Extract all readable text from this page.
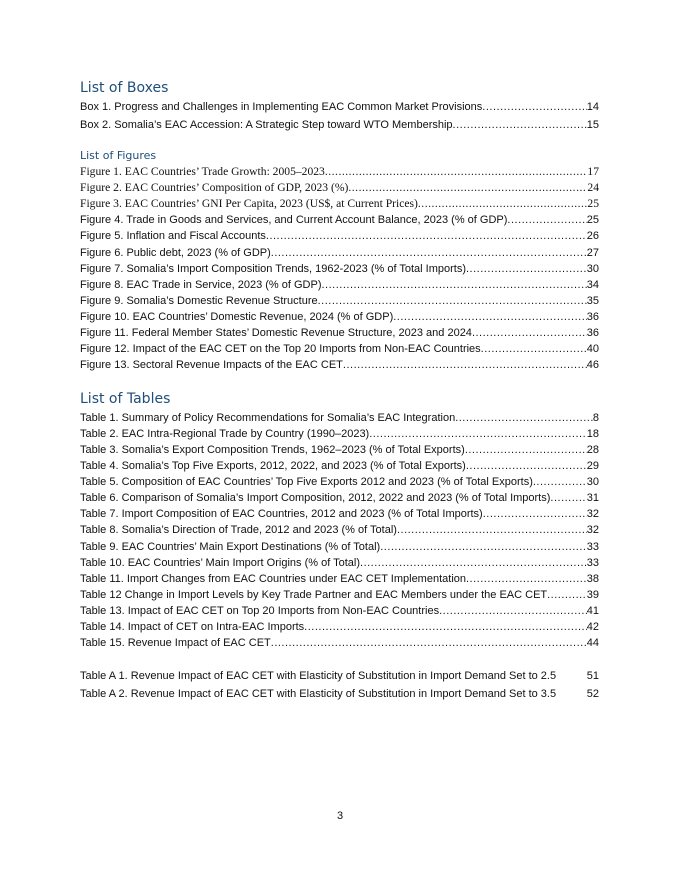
List of Boxes
Box 1. Progress and Challenges in Implementing EAC Common Market Provisions .....	14
Box 2. Somalia’s EAC Accession: A Strategic Step toward WTO Membership .....	15
List of Figures
Figure 1. EAC Countries’ Trade Growth: 2005–2023 .....	17
Figure 2. EAC Countries’ Composition of GDP, 2023 (%) .....	24
Figure 3. EAC Countries’ GNI Per Capita, 2023 (US$, at Current Prices) .....	25
Figure 4. Trade in Goods and Services, and Current Account Balance, 2023 (% of GDP) .....	25
Figure 5. Inflation and Fiscal Accounts .....	26
Figure 6. Public debt, 2023 (% of GDP) .....	27
Figure 7. Somalia’s Import Composition Trends, 1962-2023 (% of Total Imports) .....	30
Figure 8. EAC Trade in Service, 2023 (% of GDP) .....	34
Figure 9. Somalia’s Domestic Revenue Structure .....	35
Figure 10. EAC Countries’ Domestic Revenue, 2024 (% of GDP) .....	36
Figure 11. Federal Member States’ Domestic Revenue Structure, 2023 and 2024 .....	36
Figure 12. Impact of the EAC CET on the Top 20 Imports from Non-EAC Countries .....	40
Figure 13. Sectoral Revenue Impacts of the EAC CET .....	46
List of Tables
Table 1. Summary of Policy Recommendations for Somalia’s EAC Integration .....	8
Table 2. EAC Intra-Regional Trade by Country (1990–2023) .....	18
Table 3. Somalia’s Export Composition Trends, 1962–2023 (% of Total Exports) .....	28
Table 4. Somalia’s Top Five Exports, 2012, 2022, and 2023 (% of Total Exports) .....	29
Table 5. Composition of EAC Countries’ Top Five Exports 2012 and 2023 (% of Total Exports) .....	30
Table 6. Comparison of Somalia’s Import Composition, 2012, 2022 and 2023 (% of Total Imports) .....	31
Table 7. Import Composition of EAC Countries, 2012 and 2023 (% of Total Imports) .....	32
Table 8. Somalia’s Direction of Trade, 2012 and 2023 (% of Total) .....	32
Table 9. EAC Countries’ Main Export Destinations (% of Total) .....	33
Table 10. EAC Countries’ Main Import Origins (% of Total) .....	33
Table 11. Import Changes from EAC Countries under EAC CET Implementation .....	38
Table 12 Change in Import Levels by Key Trade Partner and EAC Members under the EAC CET .....	39
Table 13. Impact of EAC CET on Top 20 Imports from Non-EAC Countries .....	41
Table 14. Impact of CET on Intra-EAC Imports .....	42
Table 15. Revenue Impact of EAC CET .....	44
Table A 1. Revenue Impact of EAC CET with Elasticity of Substitution in Import Demand Set to 2.5	51
Table A 2. Revenue Impact of EAC CET with Elasticity of Substitution in Import Demand Set to 3.5	52
3
